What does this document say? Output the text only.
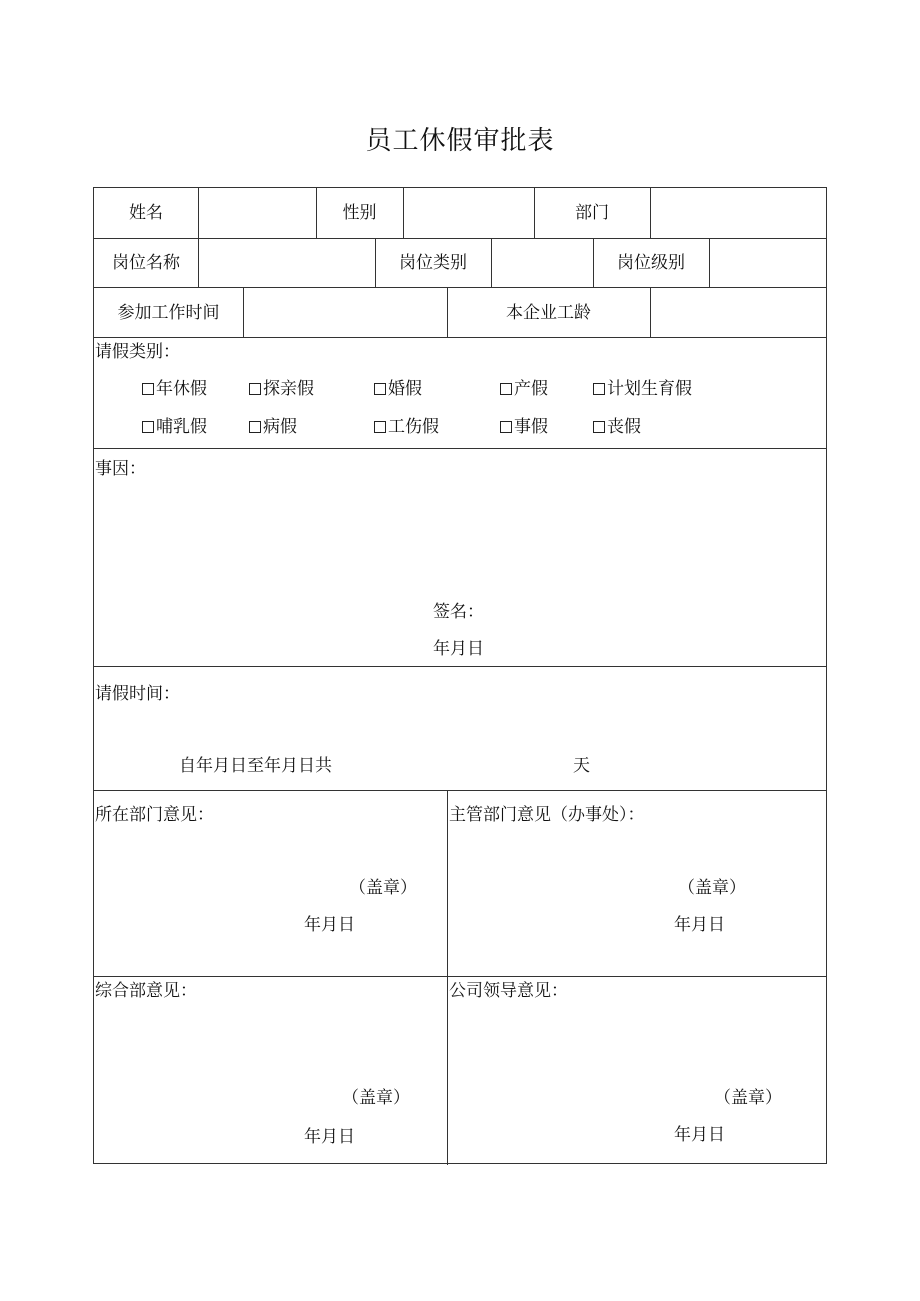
员工休假审批表
姓名	性别	部门
岗位名称	岗位类别	岗位级别
参加工作时间	本企业工龄
请假类别：
年休假	探亲假	婚假	产假	计划生育假
哺乳假	病假	工伤假	事假	丧假
事因：
签名：
年月日
请假时间：
自年月日至年月日共	天
所在部门意见：
（盖章）
年月日
主管部门意见（办事处）：
（盖章）
年月日
综合部意见：
（盖章）
年月日
公司领导意见：
（盖章）
年月日
